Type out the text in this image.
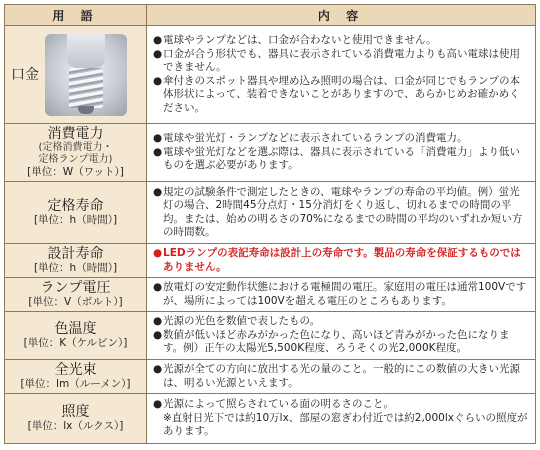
用 語	内 容
口金
●電球やランプなどは、口金が合わないと使用できません。
●口金が合う形状でも、器具に表示されている消費電力よりも高い電球は使用できません。
●傘付きのスポット器具や埋め込み照明の場合は、口金が同じでもランプの本体形状によって、装着できないことがありますので、あらかじめお確かめください。
消費電力
(定格消費電力・
定格ランプ電力)
[単位：W（ワット）]
●電球や蛍光灯・ランプなどに表示されているランプの消費電力。
●電球や蛍光灯などを選ぶ際は、器具に表示されている「消費電力」より低いものを選ぶ必要があります。
定格寿命
[単位：h（時間）]
●規定の試験条件で測定したときの、電球やランプの寿命の平均値。例）蛍光灯の場合、2時間45分点灯・15分消灯をくり返し、切れるまでの時間の平均。または、始めの明るさの70%になるまでの時間の平均のいずれか短い方の時間数。
設計寿命
[単位：h（時間）]
●LEDランプの表記寿命は設計上の寿命です。製品の寿命を保証するものではありません。
ランプ電圧
[単位：V（ボルト）]
●放電灯の安定動作状態における電極間の電圧。家庭用の電圧は通常100Vですが、場所によっては100Vを超える電圧のところもあります。
色温度
[単位：K（ケルビン）]
●光源の光色を数値で表したもの。
●数値が低いほど赤みがかった色になり、高いほど青みがかった色になります。例）正午の太陽光5,500K程度、ろうそくの光2,000K程度。
全光束
[単位：lm（ルーメン）]
●光源が全ての方向に放出する光の量のこと。一般的にこの数値の大きい光源は、明るい光源といえます。
照度
[単位：lx（ルクス）]
●光源によって照らされている面の明るさのこと。
※直射日光下では約10万lx、部屋の窓ぎわ付近では約2,000lxぐらいの照度があります。
